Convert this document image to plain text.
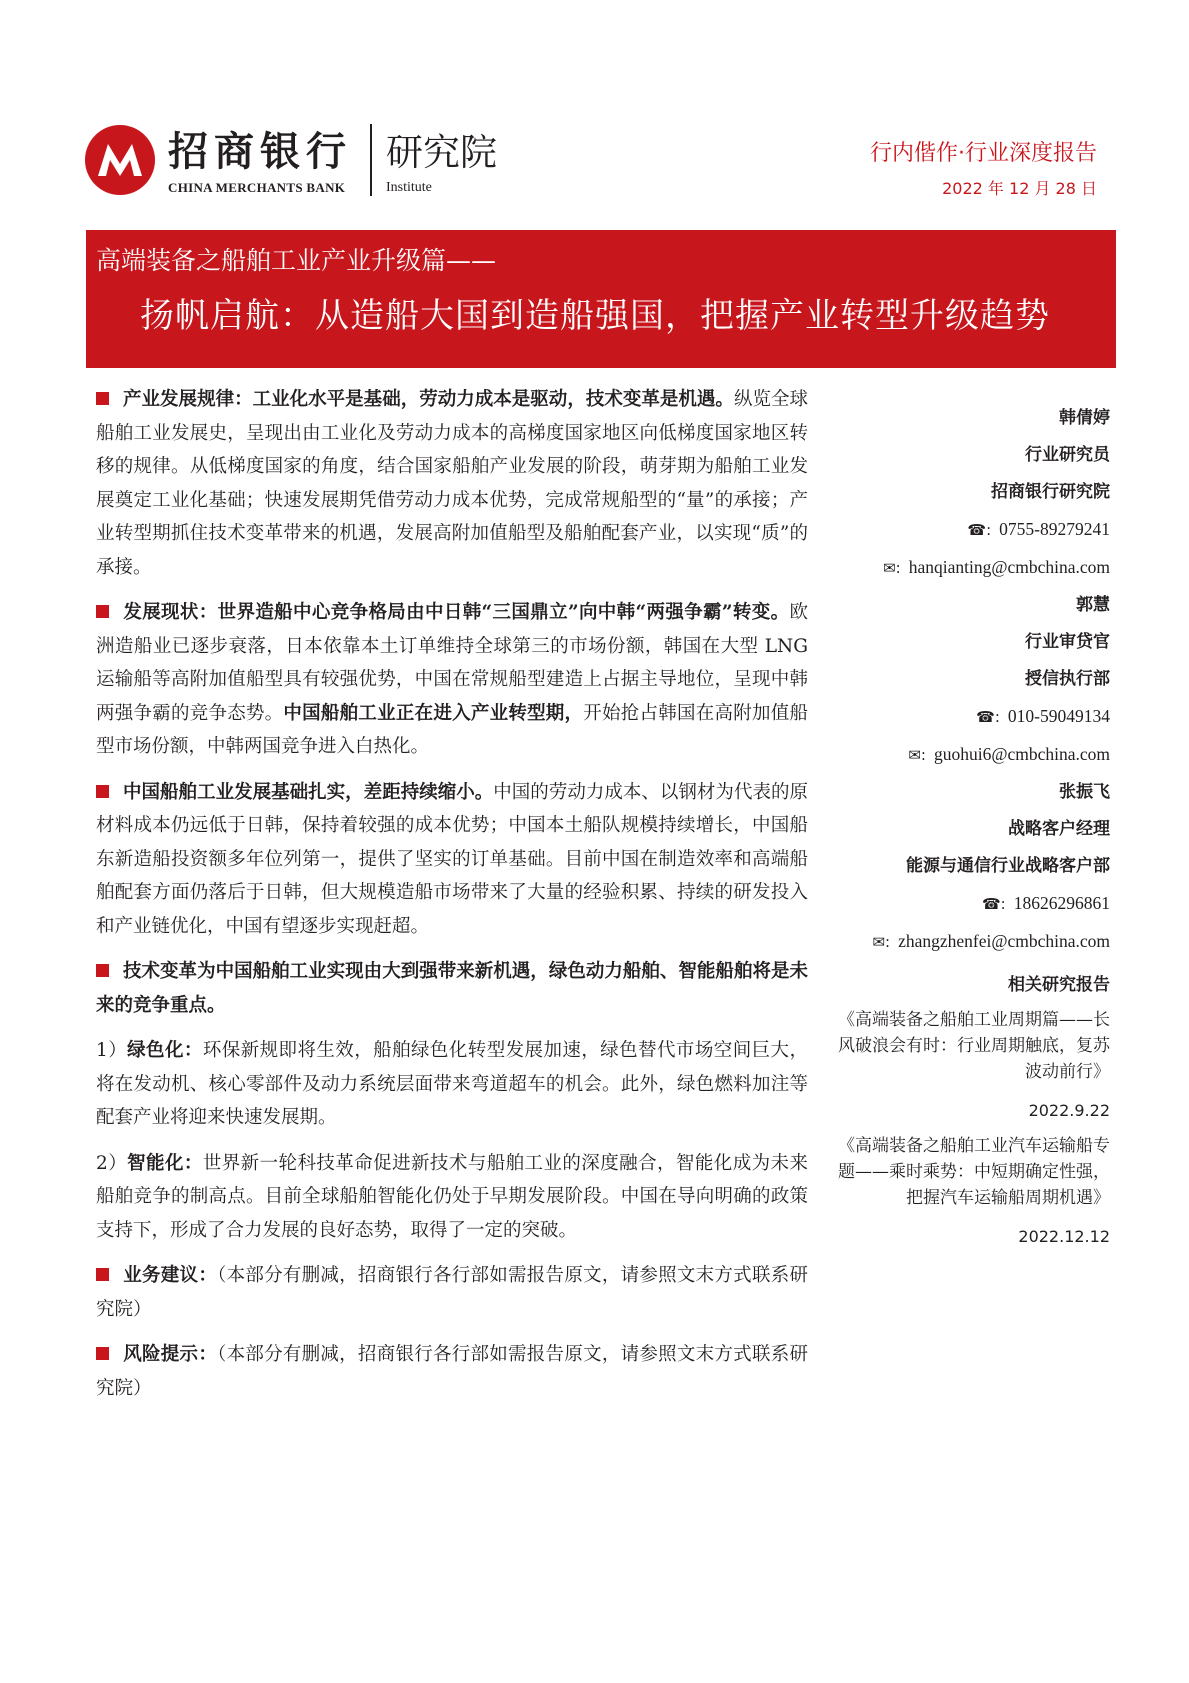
招商银行
CHINA MERCHANTS BANK
研究院
Institute
行内偕作·行业深度报告
2022 年 12 月 28 日
高端装备之船舶工业产业升级篇——
扬帆启航：从造船大国到造船强国，把握产业转型升级趋势

产业发展规律：工业化水平是基础，劳动力成本是驱动，技术变革是机遇。纵览全球船舶工业发展史，呈现出由工业化及劳动力成本的高梯度国家地区向低梯度国家地区转移的规律。从低梯度国家的角度，结合国家船舶产业发展的阶段，萌芽期为船舶工业发展奠定工业化基础；快速发展期凭借劳动力成本优势，完成常规船型的“量”的承接；产业转型期抓住技术变革带来的机遇，发展高附加值船型及船舶配套产业，以实现“质”的承接。

发展现状：世界造船中心竞争格局由中日韩“三国鼎立”向中韩“两强争霸”转变。欧洲造船业已逐步衰落，日本依靠本土订单维持全球第三的市场份额，韩国在大型 LNG 运输船等高附加值船型具有较强优势，中国在常规船型建造上占据主导地位，呈现中韩两强争霸的竞争态势。中国船舶工业正在进入产业转型期，开始抢占韩国在高附加值船型市场份额，中韩两国竞争进入白热化。

中国船舶工业发展基础扎实，差距持续缩小。中国的劳动力成本、以钢材为代表的原材料成本仍远低于日韩，保持着较强的成本优势；中国本土船队规模持续增长，中国船东新造船投资额多年位列第一，提供了坚实的订单基础。目前中国在制造效率和高端船舶配套方面仍落后于日韩，但大规模造船市场带来了大量的经验积累、持续的研发投入和产业链优化，中国有望逐步实现赶超。

技术变革为中国船舶工业实现由大到强带来新机遇，绿色动力船舶、智能船舶将是未来的竞争重点。

1）绿色化：环保新规即将生效，船舶绿色化转型发展加速，绿色替代市场空间巨大，将在发动机、核心零部件及动力系统层面带来弯道超车的机会。此外，绿色燃料加注等配套产业将迎来快速发展期。

2）智能化：世界新一轮科技革命促进新技术与船舶工业的深度融合，智能化成为未来船舶竞争的制高点。目前全球船舶智能化仍处于早期发展阶段。中国在导向明确的政策支持下，形成了合力发展的良好态势，取得了一定的突破。

业务建议：（本部分有删减，招商银行各行部如需报告原文，请参照文末方式联系研究院）

风险提示：（本部分有删减，招商银行各行部如需报告原文，请参照文末方式联系研究院）

韩倩婷
行业研究员
招商银行研究院
☎: 0755-89279241
✉: hanqianting@cmbchina.com
郭慧
行业审贷官
授信执行部
☎: 010-59049134
✉: guohui6@cmbchina.com
张振飞
战略客户经理
能源与通信行业战略客户部
☎: 18626296861
✉: zhangzhenfei@cmbchina.com
相关研究报告
《高端装备之船舶工业周期篇——长风破浪会有时：行业周期触底，复苏波动前行》
2022.9.22
《高端装备之船舶工业汽车运输船专题——乘时乘势：中短期确定性强，把握汽车运输船周期机遇》
2022.12.12
